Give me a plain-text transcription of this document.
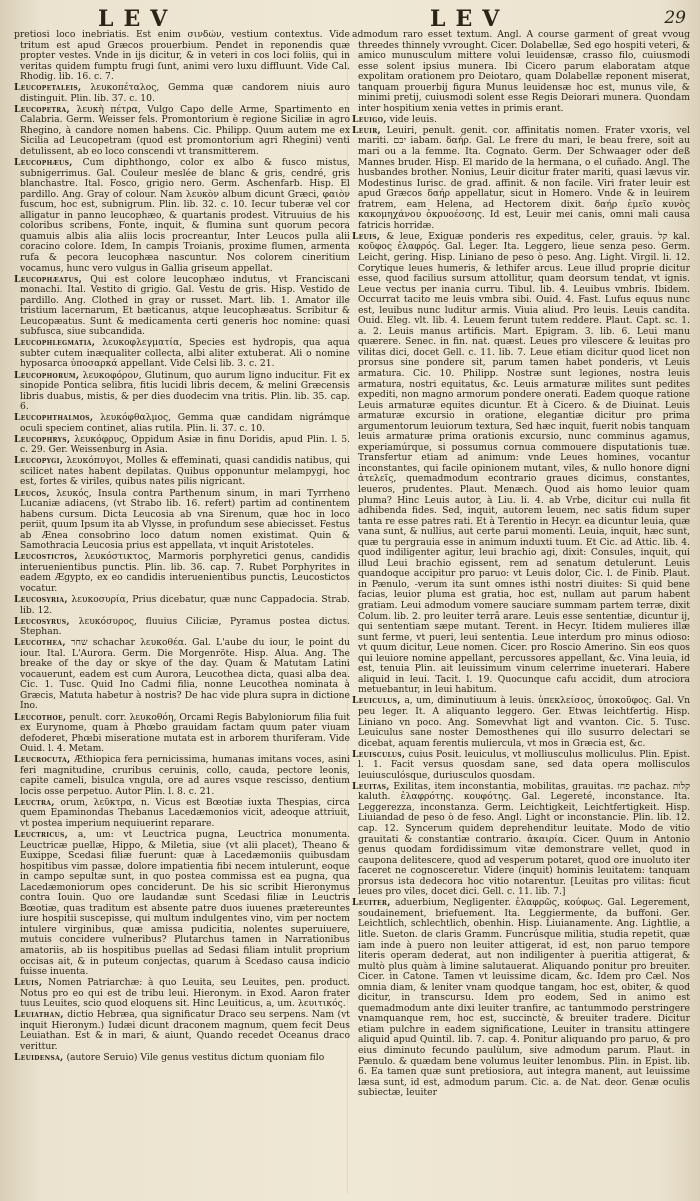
LEV	LEV	29

pretiosi loco inebriatis. Est enim σινδών, vestium contextus. Vide tritum est apud Græcos prouerbium. Pendet in reponendis quæ propter vestes. Vnde in ijs dicitur, & in veteri in cos loci foliis, qui in veritas quidem fumptu frugi ſunt, animi vero luxu diffluunt. Vide Cal. Rhodig. lib. 16. c. 7.

Leucopetaleis, λευκοπέταλος, Gemma quæ candorem niuis auro distinguit. Plin. lib. 37. c. 10.

Leucopetra, λευκὴ πέτρα, Vulgo Capo delle Arme, Spartimento en Calabria. Germ. Weisser fels. Promontorium è regione Siciliæ in agro Rhegino, à candore nomen habens. Cic. Philipp. Quum autem me ex Sicilia ad Leucopetram (quod est promontorium agri Rhegini) venti detulissent, ab eo loco conscendi vt transmitterem.

Leucophæus, Cum diphthongo, color ex albo & fusco mistus, subnigerrimus. Gal. Couleur meslée de blanc & gris, cendré, gris blanchastre. Ital. Fosco, grigio nero. Germ. Aschenfarb. Hisp. El pardillo. Ang. Gray of colour. Nam λευκὸν album dicunt Græci, φαιὸν fuscum, hoc est, subnigrum. Plin. lib. 32. c. 10. Iecur tuberæ vel cor alligatur in panno leucophæo, & quartanis prodest. Vitruuius de his coloribus scribens, Fonte, inquit, & flumina sunt quorum pecora quamuis albis alia aliis locis procreantur, Inter Leucos pulla alii coracino colore. Idem, In campis Troianis, proxime flumen, armenta rufa & pecora leucophæa nascuntur. Nos colorem cineritium vocamus, hunc vero vulgus in Gallia griseum appellat.

Leucophæatus, Qui est colore leucophæo indutus, vt Franciscani monachi. Ital. Vestito di grigio. Gal. Vestu de gris. Hisp. Vestido de pardillo. Ang. Clothed in gray or russet. Mart. lib. 1. Amator ille tristium lacernarum, Et bæticanus, atque leucophæatus. Scribitur & Leucopæatus. Sunt & medicamenta certi generis hoc nomine: quasi subfusca, siue subcandida.

Leucophlegmatia, λευκοφλεγματία, Species est hydropis, qua aqua subter cutem inæqualiter collecta, albi aliter extuberat. Ali o nomine hyposarca ὑποσαρκά appellant. Vide Celsi lib. 3. c. 21.

Leucophorum, λευκοφόρον, Glutinum, quo aurum ligno inducitur. Fit ex sinopide Pontica selibra, fitis lucidi libris decem, & melini Græcensis libris duabus, mistis, & per dies duodecim vna tritis. Plin. lib. 35. cap. 6.

Leucophthalmos, λευκόφθαλμος, Gemma quæ candidam nigrámque oculi speciem continet, alias rutila. Plin. li. 37. c. 10.

Leucophrys, λευκόφρυς, Oppidum Asiæ in finu Doridis, apud Plin. l. 5. c. 29. Ger. Weissenburg in Asia.

Leucopygi, λευκόπυγοι, Molles & effeminati, quasi candidis natibus, qui scilicet nates habent depilatas. Quibus opponuntur melampygi, hoc est, fortes & viriles, quibus nates pilis nigricant.

Leucos, λευκός, Insula contra Parthenum sinum, in mari Tyrrheno Lucaniæ adiacens, (vt Strabo lib. 16. refert) partim ad continentem habens cursum. Dicta Leucosia ab vna Sirenum, quæ hoc in loco periit, quum Ipsum ita ab Vlysse, in profundum sese abiecisset. Festus ab Ænea consobrino loco datum nomen existimat. Quin & Samothracia Leucosia prius est appellata, vt inquit Aristoteles.

Leucostictos, λευκόστικτος, Marmoris porphyretici genus, candidis interuenientibus punctis. Plin. lib. 36. cap. 7. Rubet Porphyrites in eadem Ægypto, ex eo candidis interuenientibus punctis, Leucostictos vocatur.

Leucosyria, λευκοσυρία, Prius dicebatur, quæ nunc Cappadocia. Strab. lib. 12.

Leucosyrus, λευκόσυρος, fluuius Ciliciæ, Pyramus postea dictus. Stephan.

Leucothea, שחר schachar λευκοθέα. Gal. L'aube du iour, le point du iour. Ital. L'Aurora. Germ. Die Morgenröte. Hisp. Alua. Ang. The breake of the day or skye of the day. Quam & Matutam Latini vocauerunt, eadem est cum Aurora, Leucothea dicta, quasi alba dea. Cic. 1. Tusc. Quid Ino Cadmi filia, nonne Leucothea nominata à Græcis, Matuta habetur à nostris? De hac vide plura supra in dictione Ino.

Leucothoe, penult. corr. λευκοθόη, Orcami Regis Babyloniorum filia fuit ex Eurynome, quam à Phœbo grauidam factam quum pater viuam defoderet, Phœbi miseratione mutata est in arborem thuriferam. Vide Ouid. l. 4. Metam.

Leucrocuta, Æthiopica fera pernicissima, humanas imitans voces, asini feri magnitudine, cruribus ceruinis, collo, cauda, pectore leonis, capite cameli, bisulca vngula, ore ad aures vsque rescisso, dentium locis osse perpetuo. Autor Plin. l. 8. c. 21.

Leuctra, orum, λεῦκτρα, n. Vicus est Bœotiæ iuxta Thespias, circa quem Epaminondas Thebanus Lacedæmonios vicit, adeoque attriuit, vt postea imperium nequiuerint reparare.

Leuctricus, a, um: vt Leuctrica pugna, Leuctrica monumenta. Leuctricæ puellæ, Hippo, & Miletia, siue (vt alii placet), Theano & Euxippe, Scedasi filiæ fuerunt: quæ à Lacedæmoniis quibusdam hospitibus vim passæ, dolore impatientia fibi necem intulerunt, eoque in campo sepultæ sunt, in quo postea commissa est ea pugna, qua Lacedæmoniorum opes conciderunt. De his sic scribit Hieronymus contra Iouin. Quo ore laudandæ sunt Scedasi filiæ in Leuctris Bœotiæ, quas traditum est absente patre duos iuuenes prætereuntes iure hospitii suscepisse, qui multum indulgentes vino, vim per noctem intulere virginibus, quæ amissa pudicitia, nolentes superuiuere, mutuis concidere vulneribus? Plutarchus tamen in Narrationibus amatoriis, ab iis hospitibus puellas ad Sedasi filiam intulit proprium occisas ait, & in puteum conjectas, quarum à Scedaso causa indicio fuisse inuenta.

Leuis, Nomen Patriarchæ: à quo Leuita, seu Leuites, pen. product. Notus pro eo qui est de tribu leui. Hieronym. in Exod. Aaron frater tuus Leuites, scio quod eloquens sit. Hinc Leuiticus, a, um. λευιτικός.

Leuiathan, dictio Hebræa, qua significatur Draco seu serpens. Nam (vt inquit Hieronym.) Iudæi dicunt draconem magnum, quem fecit Deus Leuiathan. Est & in mari, & aiunt, Quando recedet Oceanus draco verittur.

Leuidensa, (autore Seruio) Vile genus vestitus dictum quoniam filo

admodum raro esset textum. Angl. A course garment of great vvoug threedes thinnely vvrought. Cicer. Dolabellæ, Sed ego hospiti veteri, & amico munusculum mittere volui leuidensæ, crasso filo, cuiusmodi esse solent ipsius munera. Ibi Cicero parum elaboratam atque expolitam orationem pro Deiotaro, quam Dolabellæ reponent miserat, tanquam prouerbij figura Munus leuidensæ hoc est, munus vile, & minimi pretij, cuiusmodi solent esse Regis Deiorari munera. Quondam inter hospitium xenia vettes in primis erant.

Leuigo, vide leuis.

Leuir, Leuiri, penult. genit. cor. affinitatis nomen. Frater vxoris, vel mariti. יבם iabam. δαήρ. Gal. Le frere du mari, le beau frere, soit au mari ou a la femme. Ita. Cognato. Germ. Der Schwaager oder deß Mannes bruder. Hisp. El marido de la hermana, o el cuñado. Angl. The husbandes brother. Nonius, Leuir dicitur frater mariti, quasi lævus vir. Modestinus Iurisc. de grad. affinit. & non facile. Viri frater leuir est apud Græcos δαήρ appellatur, sicut in Homero. Vnde & in leuirem fratrem, eam Helena, ad Hectorem dixit. δαήρ ἐμεῖο κυνὸς κακομηχάνου ὀκρυοέσσης. Id est, Leuir mei canis, omni mali causa fatricis horridæ.

Leuis, & leue, Exiguæ ponderis res expeditus, celer, grauis. קל kal. κοῦφος ἐλαφρός. Gal. Leger. Ita. Leggero, lieue senza peso. Germ. Leicht, gering. Hisp. Liniano de peso ò peso. Ang. Light. Virgil. li. 12. Corytique leues humeris, & lethifer arcus. Leue illud proprie dicitur esse, quod facilius sursum attollitur, quam deorsum tendat, vt ignis. Leue vectus per inania curru. Tibul. lib. 4. Leuibus vmbris. Ibidem. Occurrat tacito me leuis vmbra sibi. Ouid. 4. Fast. Lufus equus nunc est, leuibus nunc luditur armis. Viuia aliud. Pro leuis. Leuis candita. Ouid. Eleg. vlt. lib. 4. Leuem ferunt tutem reddere. Plaut. Capt. sc. 1. a. 2. Leuis manus artificis. Mart. Epigram. 3. lib. 6. Leui manu quærere. Senec. in fin. nat. quæst. Leues pro vilescere & leuitas pro vilitas dici, docet Gell. c. 11. lib. 7. Leue etiam dicitur quod licet non prorsus sine pondere sit, parum tamen habet ponderis, vt Leuis armatura. Cic. 10. Philipp. Nostræ sunt legiones, nostra leuis armatura, nostri equitatus, &c. Leuis armaturæ milites sunt pedites expediti, non magno armorum pondere onerati. Eadem quoque ratione Leuis armaturæ equites dicuntur. Et à Cicero. & de Diuinat. Leuis armaturæ excursio in oratione, elegantiæ dicitur pro prima argumentorum leuiorum textura, Sed hæc inquit, fuerit nobis tanquam leuis armaturæ prima orationis excursio, nunc comminus agamus, experiamúrque, si possumus cornua commouere disputationis tuæ. Transfertur etiam ad animum: vnde Leues homines, vocantur inconstantes, qui facile opinionem mutant, viles, & nullo honore digni ἀτελεῖς, quemadmodum econtrario graues dicimus, constantes, leueros, prudentes. Plaut. Menæch. Quod ais homo leuior quam pluma? Hinc Leuis autor, à Liu. li. 4. ab Vrbe, dicitur cui nulla fit adhibenda fides. Sed, inquit, autorem leuem, nec satis fidum super tanta re esse patres rati. Et à Terentio in Hecyr. ea dicuntur leuia, quæ vana sunt, & nullius, aut certe parui momenti. Leuia, inquit, hæc sunt, quæ tu pergrauia esse in animum induxti tuum. Et Cic. ad Attic. lib. 4. quod indiligenter agitur, leui brachio agi, dixit: Consules, inquit, qui illud Leui brachio egissent, rem ad senatum detulerunt. Leuis quandoque accipitur pro paruo: vt Leuis dolor, Cic. l. de Finib. Plaut. in Pænulo, -verum ita sunt omnes isthi nostri diuites: Si quid bene facias, leuior pluma est gratia, hoc est, nullam aut parum habent gratiam. Leui admodum vomere sauciare summam partem terræ, dixit Colum. lib. 2. pro leuiter terrâ arare. Leuis esse sententiæ, dicuntur ij, qui sententiam sæpe mutant. Terent. in Hecyr. Itidem mulieres illæ sunt ferme, vt pueri, leui sententia. Leue interdum pro minus odioso: vt quum dicitur, Leue nomen. Cicer. pro Roscio Amerino. Sin eos quos qui leuiore nomine appellant, percussores appellant, &c. Vina leuia, id est, tenuia Plin. ait leuissimum vinum celerrime inueterari. Habere aliquid in leui. Tacit. l. 19. Quocunque cafu accidit, dum atrociora metuebantur, in leui habitum.

Leuiculus, a, um, diminutiuum à leuis. ὑπεκλείσος, ὑποκοῦφος. Gal. Vn peu leger. It. A aliquanto leggero. Ger. Etwas leichtfertig. Hisp. Liniano vn poco. Ang. Somevvhat ligt and vvanton. Cic. 5. Tusc. Leuiculus sane noster Demosthenes qui illo susurro delectari se dicebat, aquam ferentis muliercula, vt mos in Græcia est, &c.

Leuisculus, cuius Posit. leuiculus, vt molliusculus molliculus. Plin. Epist. l. 1. Facit versus quosdam sane, sed data opera mollisculos leuiusculósque, duriusculos quosdam.

Leuitas, Exilitas, item inconstantia, mobilitas, grauitas. פחז pachaz. קלות kaluth. ἐλαφρότης. κουφότης. Gal. Legereté, inconstance. Ita. Leggerezza, inconstanza. Germ. Leichtigkeit, Leichtfertigkeit. Hisp. Liuiandad de peso ò de feso. Angl. Light or inconstancie. Plin. lib. 12. cap. 12. Syncerum quidem deprehenditur leuitate. Modo de vitio grauitati & constantiæ contrario. ἀκαιρία. Cicer. Quum in Antonio genus quodam fordidissimum vitæ demonstrare vellet, quod in caupona delitescere, quod ad vesperum potaret, quod ore inuoluto iter faceret ne cognosceretur. Videre (inquit) hominis leuitatem: tanquam prorsus ista dedecora hoc vitio notarentur. [Leuitas pro vilitas: ficut leues pro viles, docet dici. Gell. c. 11. lib. 7.]

Leuiter, aduerbium, Negligenter. ἐλαφρῶς, κούφως. Gal. Legerement, soudainement, briefuement. Ita. Leggiermente, da buffoni. Ger. Leichtlich, schlechtlich, obenhin. Hisp. Liuianamente. Ang. Lightlie, a litle. Sueton. de claris Gramm. Funcrúsque militia, studia repetit, quæ iam inde à puero non leuiter attigerat, id est, non paruo tempore literis operam dederat, aut non indiligenter à pueritia attigerat, & multò plus quàm à limine salutauerat. Aliquando ponitur pro breuiter. Cicer. in Catone. Tamen vt leuissime dicam, &c. Idem pro Cæl. Nos omnia diam, & leniter vnam quodque tangam, hoc est, obiter, & quod dicitur, in transcursu. Idem pro eodem, Sed in animo est quemadmodum ante dixi leuiter tranfire, ac tantummodo perstringere vnamquanque rem, hoc est, succinctè, & breuiter tradere. Dicitur etiam pulchre in eadem significatione, Leuiter in transitu attingere aliquid apud Quintil. lib. 7. cap. 4. Ponitur aliquando pro paruo, & pro eius diminuto fecundo paulùlum, sive admodum parum. Plaut. in Pænulo. & quædam bene volumus leuiter lenombus. Plin. in Epist. lib. 6. Ea tamen quæ sunt pretiosiora, aut integra manent, aut leuissime læsa sunt, id est, admodum parum. Cic. a. de Nat. deor. Genæ oculis subiectæ, leuiter
